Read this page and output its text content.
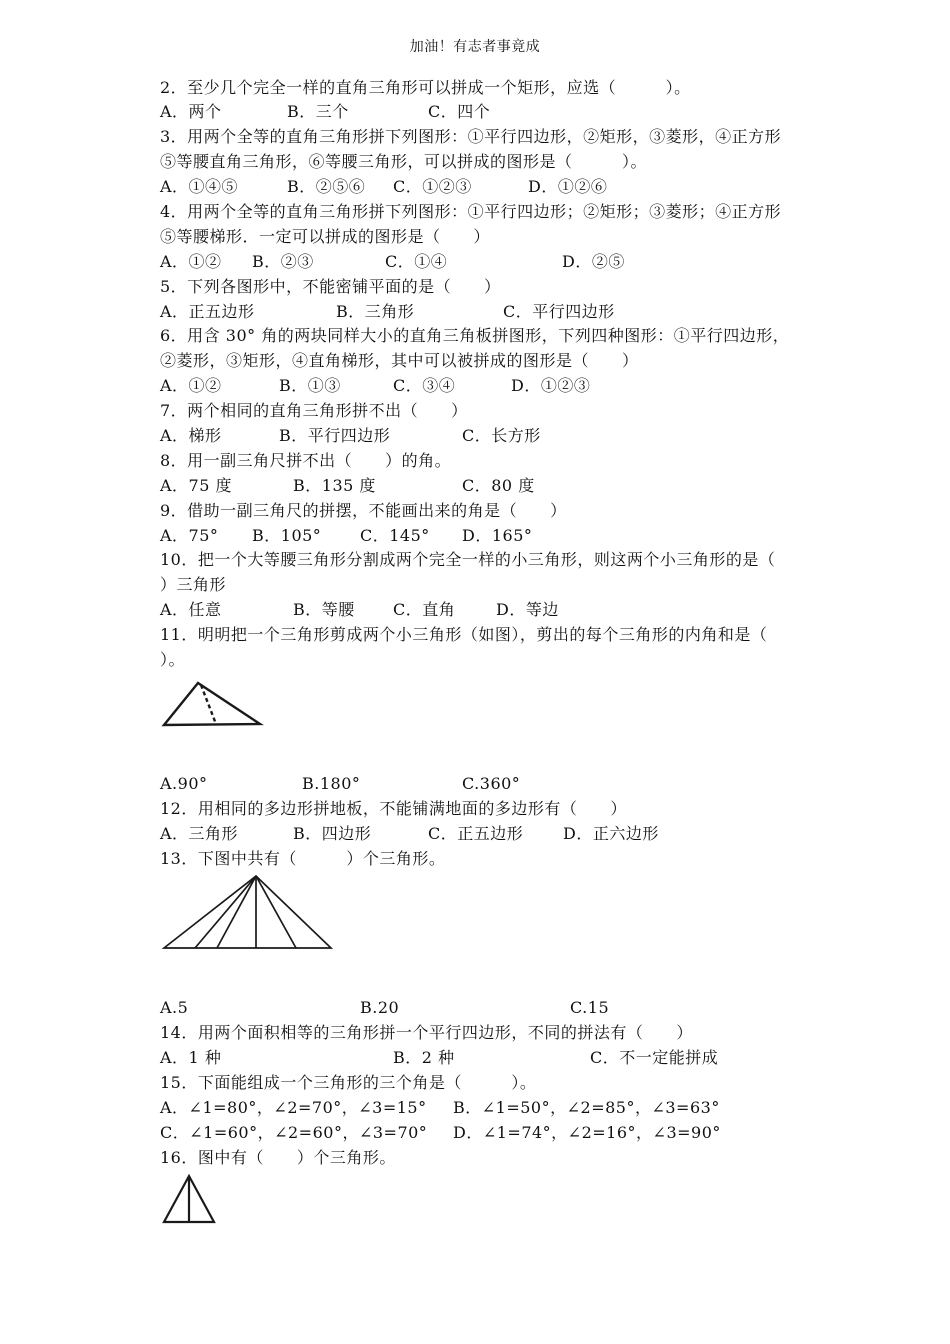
加油！有志者事竟成
2．至少几个完全一样的直角三角形可以拼成一个矩形，应选（　　　）。
A．两个	B．三个	C．四个
3．用两个全等的直角三角形拼下列图形：①平行四边形，②矩形，③菱形，④正方形
⑤等腰直角三角形，⑥等腰三角形，可以拼成的图形是（　　　）。
A．①④⑤	B．②⑤⑥ C．①②③	D．①②⑥
4．用两个全等的直角三角形拼下列图形：①平行四边形；②矩形；③菱形；④正方形
⑤等腰梯形．一定可以拼成的图形是（　　）
A．①② B．②③	C．①④	D．②⑤
5．下列各图形中，不能密铺平面的是（　　）
A．正五边形	B．三角形	C．平行四边形
6．用含 30° 角的两块同样大小的直角三角板拼图形，下列四种图形：①平行四边形，
②菱形，③矩形，④直角梯形，其中可以被拼成的图形是（　　）
A．①②	B．①③	C．③④	D．①②③
7．两个相同的直角三角形拼不出（　　）
A．梯形	B．平行四边形	C．长方形
8．用一副三角尺拼不出（　　）的角。
A．75 度	B．135 度	C．80 度
9．借助一副三角尺的拼摆，不能画出来的角是（　　）
A．75° B．105° C．145° D．165°
10．把一个大等腰三角形分割成两个完全一样的小三角形，则这两个小三角形的是（
）三角形
A．任意	B．等腰 C．直角	D．等边
11．明明把一个三角形剪成两个小三角形（如图），剪出的每个三角形的内角和是（
）。
A.90°	B.180°	C.360°
12．用相同的多边形拼地板，不能铺满地面的多边形有（　　）
A．三角形	B．四边形	C．正五边形 D．正六边形
13．下图中共有（　　　）个三角形。
A.5	B.20	C.15
14．用两个面积相等的三角形拼一个平行四边形，不同的拼法有（　　）
A．1 种	B．2 种	C．不一定能拼成
15．下面能组成一个三角形的三个角是（　　　）。
A．∠1=80°，∠2=70°，∠3=15° B．∠1=50°，∠2=85°，∠3=63°
C．∠1=60°，∠2=60°，∠3=70° D．∠1=74°，∠2=16°，∠3=90°
16．图中有（　　）个三角形。
